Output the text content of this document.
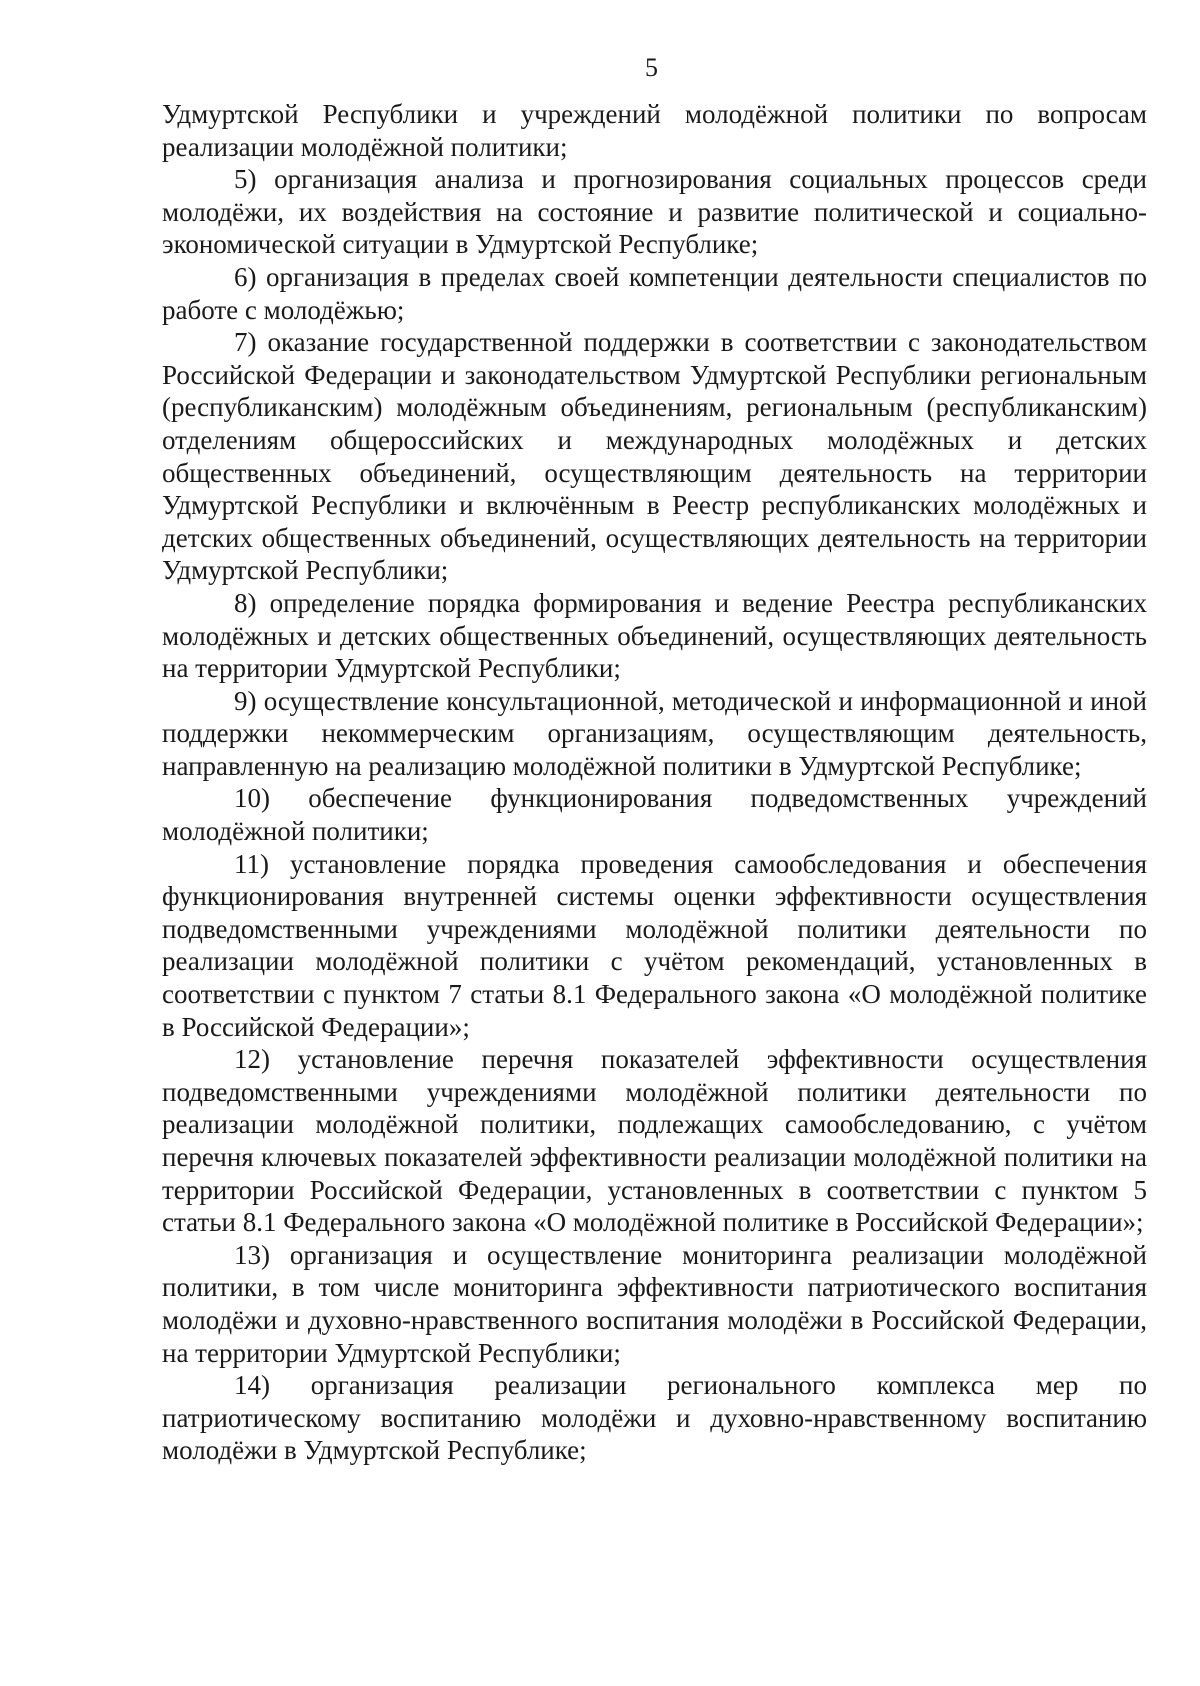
5

Удмуртской Республики и учреждений молодёжной политики по вопросам реализации молодёжной политики;

5) организация анализа и прогнозирования социальных процессов среди молодёжи, их воздействия на состояние и развитие политической и социально-экономической ситуации в Удмуртской Республике;

6) организация в пределах своей компетенции деятельности специалистов по работе с молодёжью;

7) оказание государственной поддержки в соответствии с законодательством Российской Федерации и законодательством Удмуртской Республики региональным (республиканским) молодёжным объединениям, региональным (республиканским) отделениям общероссийских и международных молодёжных и детских общественных объединений, осуществляющим деятельность на территории Удмуртской Республики и включённым в Реестр республиканских молодёжных и детских общественных объединений, осуществляющих деятельность на территории Удмуртской Республики;

8) определение порядка формирования и ведение Реестра республиканских молодёжных и детских общественных объединений, осуществляющих деятельность на территории Удмуртской Республики;

9) осуществление консультационной, методической и информационной и иной поддержки некоммерческим организациям, осуществляющим деятельность, направленную на реализацию молодёжной политики в Удмуртской Республике;

10) обеспечение функционирования подведомственных учреждений молодёжной политики;

11) установление порядка проведения самообследования и обеспечения функционирования внутренней системы оценки эффективности осуществления подведомственными учреждениями молодёжной политики деятельности по реализации молодёжной политики с учётом рекомендаций, установленных в соответствии с пунктом 7 статьи 8.1 Федерального закона «О молодёжной политике в Российской Федерации»;

12) установление перечня показателей эффективности осуществления подведомственными учреждениями молодёжной политики деятельности по реализации молодёжной политики, подлежащих самообследованию, с учётом перечня ключевых показателей эффективности реализации молодёжной политики на территории Российской Федерации, установленных в соответствии с пунктом 5 статьи 8.1 Федерального закона «О молодёжной политике в Российской Федерации»;

13) организация и осуществление мониторинга реализации молодёжной политики, в том числе мониторинга эффективности патриотического воспитания молодёжи и духовно-нравственного воспитания молодёжи в Российской Федерации, на территории Удмуртской Республики;

14) организация реализации регионального комплекса мер по патриотическому воспитанию молодёжи и духовно-нравственному воспитанию молодёжи в Удмуртской Республике;
